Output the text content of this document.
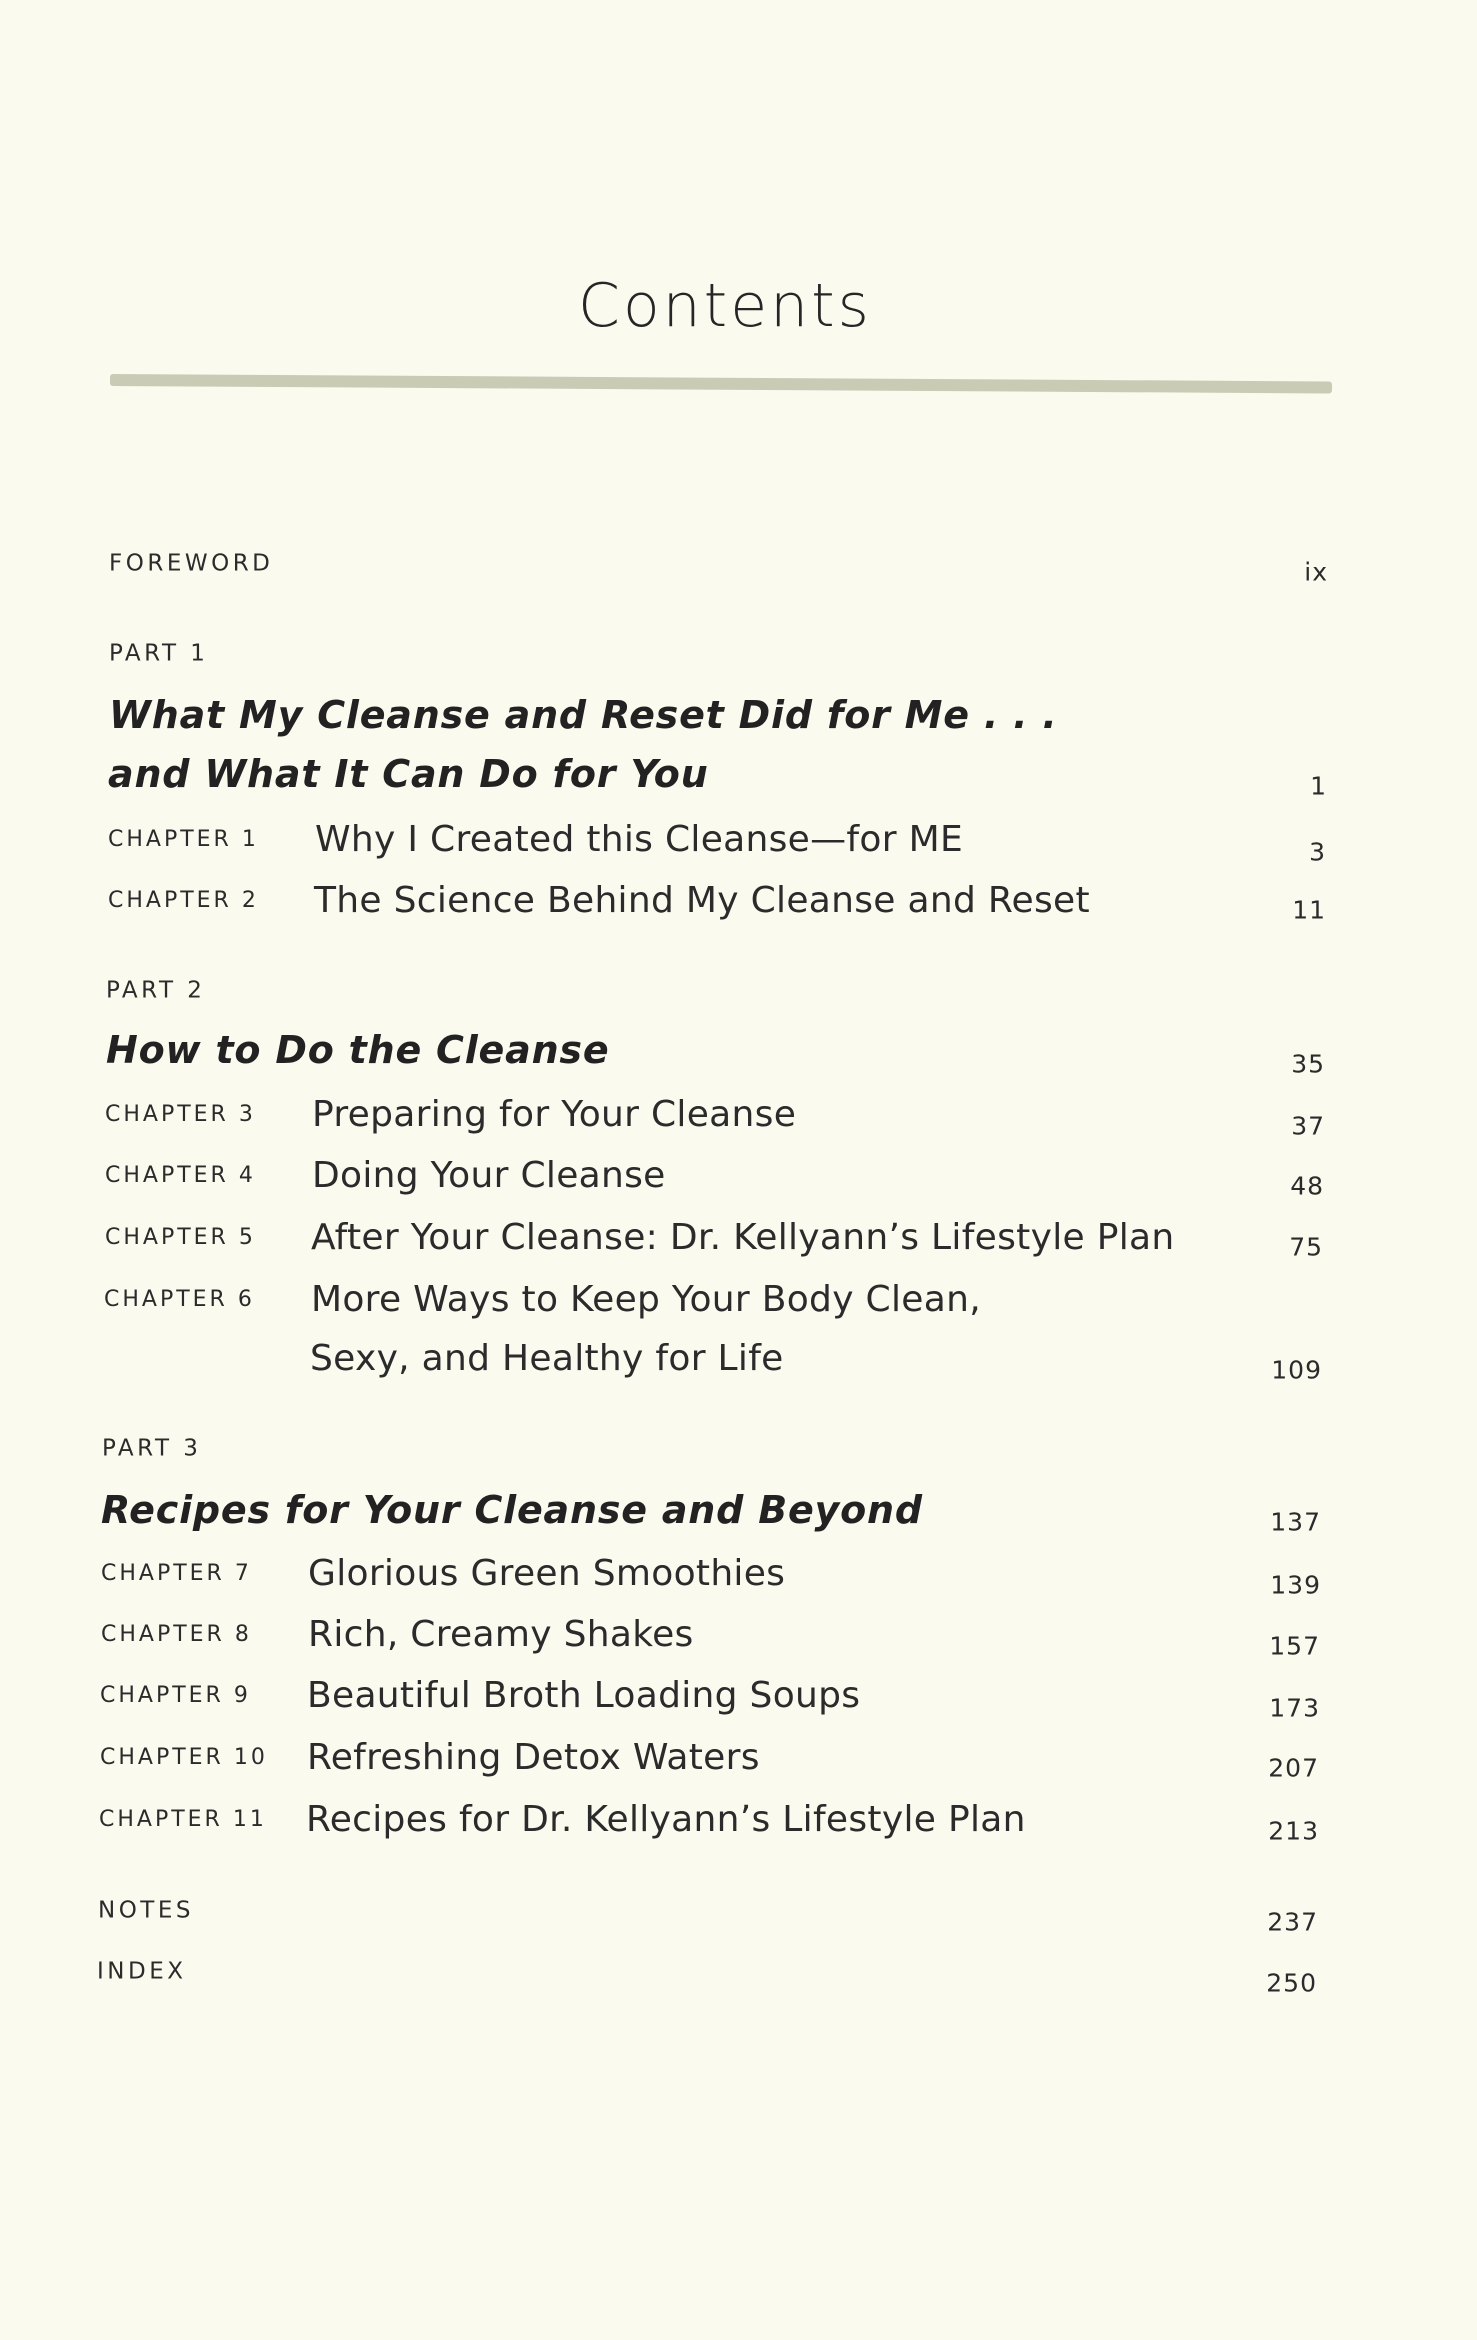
Contents
FOREWORD	ix
PART 1
What My Cleanse and Reset Did for Me . . .
and What It Can Do for You	1
CHAPTER 1 Why I Created this Cleanse—for ME	3
CHAPTER 2 The Science Behind My Cleanse and Reset	11
PART 2
How to Do the Cleanse	35
CHAPTER 3 Preparing for Your Cleanse	37
CHAPTER 4 Doing Your Cleanse	48
CHAPTER 5 After Your Cleanse: Dr. Kellyann’s Lifestyle Plan	75
CHAPTER 6 More Ways to Keep Your Body Clean,
Sexy, and Healthy for Life	109
PART 3
Recipes for Your Cleanse and Beyond	137
CHAPTER 7 Glorious Green Smoothies	139
CHAPTER 8 Rich, Creamy Shakes	157
CHAPTER 9 Beautiful Broth Loading Soups	173
CHAPTER 10 Refreshing Detox Waters	207
CHAPTER 11 Recipes for Dr. Kellyann’s Lifestyle Plan	213
NOTES	237
INDEX	250
